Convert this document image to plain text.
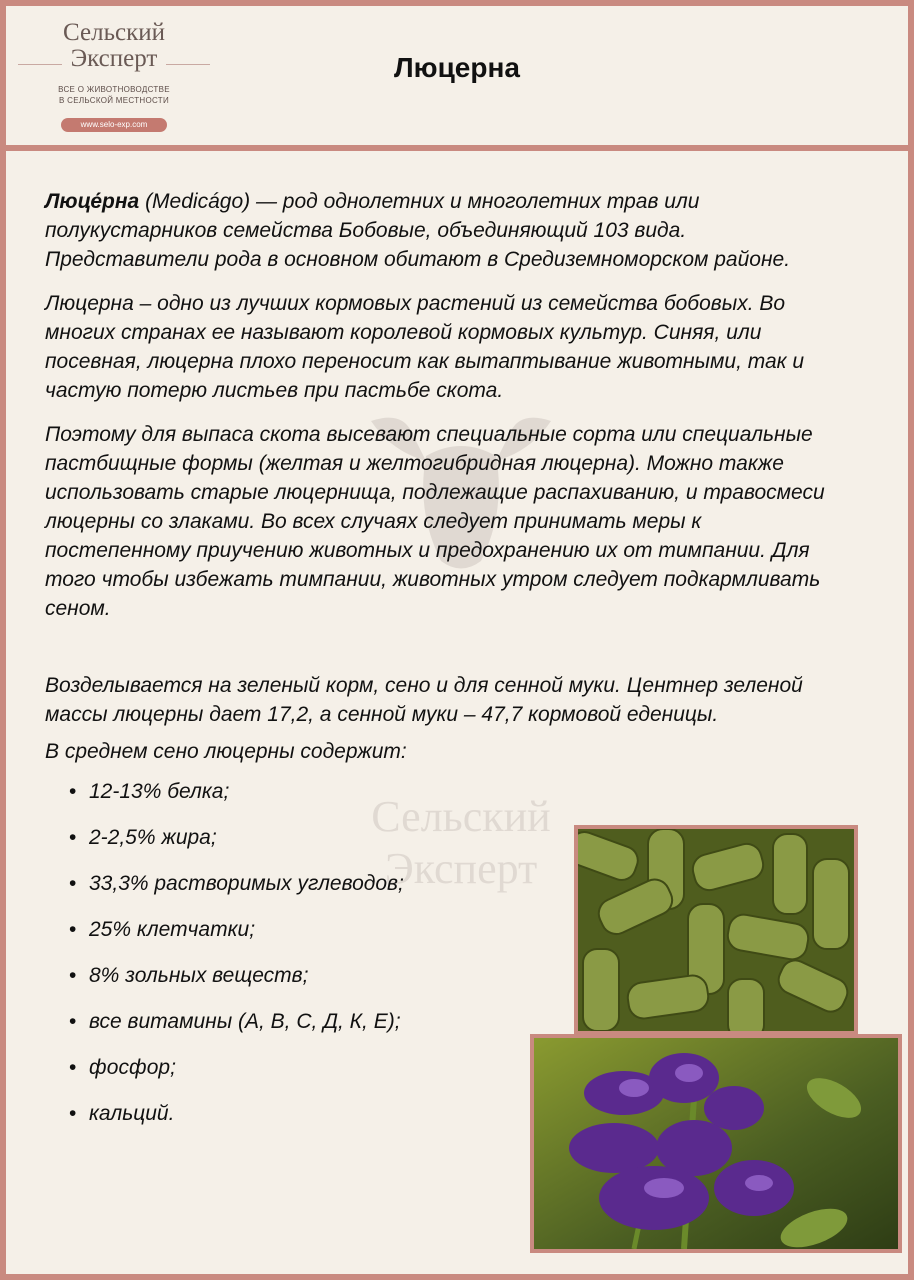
Сельский
Эксперт
ВСЕ О ЖИВОТНОВОДСТВЕ
В СЕЛЬСКОЙ МЕСТНОСТИ
www.selo-exp.com
Люцерна
Сельский
Эксперт

Люце́рна (Medicágo) — род однолетних и многолетних трав или полукустарников семейства Бобовые, объединяющий 103 вида. Представители рода в основном обитают в Средиземноморском районе.

Люцерна – одно из лучших кормовых растений из семейства бобовых. Во многих странах ее называют королевой кормовых культур. Синяя, или посевная, люцерна плохо переносит как вытаптывание животными, так и частую потерю листьев при пастьбе скота.

Поэтому для выпаса скота высевают специальные сорта или специальные пастбищные формы (желтая и желтогибридная люцерна). Можно также использовать старые люцернища, подлежащие распахиванию, и травосмеси люцерны со злаками. Во всех случаях следует принимать меры к постепенному приучению животных и предохранению их от тимпании. Для того чтобы избежать тимпании, животных утром следует подкармливать сеном.

Возделывается на зеленый корм, сено и для сенной муки. Центнер зеленой массы люцерны дает 17,2, а сенной муки – 47,7 кормовой еденицы.

В среднем сено люцерны содержит:

• 12-13% белка;
• 2-2,5% жира;
• 33,3% растворимых углеводов;
• 25% клетчатки;
• 8% зольных веществ;
• все витамины (А, В, С, Д, К, Е);
• фосфор;
• кальций.
